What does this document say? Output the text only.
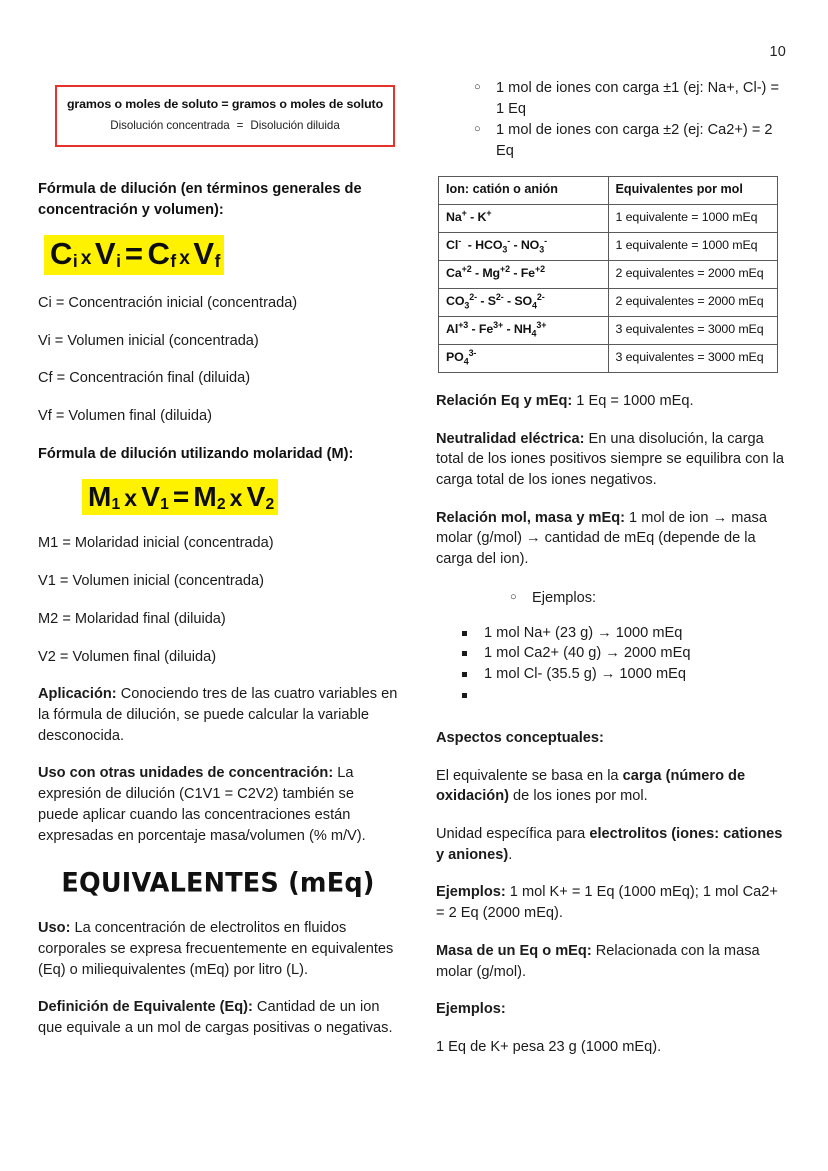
10
gramos o moles de soluto = gramos o moles de soluto
Disolución concentrada = Disolución diluida
Fórmula de dilución (en términos generales de concentración y volumen):
Ci xVi = Cf xVf

Ci = Concentración inicial (concentrada)

Vi = Volumen inicial (concentrada)

Cf = Concentración final (diluida)

Vf = Volumen final (diluida)

Fórmula de dilución utilizando molaridad (M):
M1 x V1 = M2 x V2

M1 = Molaridad inicial (concentrada)

V1 = Volumen inicial (concentrada)

M2 = Molaridad final (diluida)

V2 = Volumen final (diluida)

Aplicación: Conociendo tres de las cuatro variables en la fórmula de dilución, se puede calcular la variable desconocida.

Uso con otras unidades de concentración: La expresión de dilución (C1V1 = C2V2) también se puede aplicar cuando las concentraciones están expresadas en porcentaje masa/volumen (% m/V).

EQUIVALENTES (mEq)

Uso: La concentración de electrolitos en fluidos corporales se expresa frecuentemente en equivalentes (Eq) o miliequivalentes (mEq) por litro (L).

Definición de Equivalente (Eq): Cantidad de un ion que equivale a un mol de cargas positivas o negativas.

○ 1 mol de iones con carga ±1 (ej: Na+, Cl-) = 1 Eq
○ 1 mol de iones con carga ±2 (ej: Ca2+) = 2 Eq
Ion: catión o anión	Equivalentes por mol
Na+ - K+	1 equivalente = 1000 mEq
$Cl^- - HCO_3^- - NO_3^-$	1 equivalente = 1000 mEq
$Ca^{+2} - Mg^{+2} - Fe^{+2}$	2 equivalentes = 2000 mEq
$CO_3^{2-} - S^{2-} - SO_4^{2-}$	2 equivalentes = 2000 mEq
$Al^{+3} - Fe^{3+} - NH_4^{3+}$	3 equivalentes = 3000 mEq
$PO_4^{3-}$	3 equivalentes = 3000 mEq

Relación Eq y mEq: 1 Eq = 1000 mEq.

Neutralidad eléctrica: En una disolución, la carga total de los iones positivos siempre se equilibra con la carga total de los iones negativos.

Relación mol, masa y mEq: 1 mol de ion → masa molar (g/mol) → cantidad de mEq (depende de la carga del ion).

○ Ejemplos:
1 mol Na+ (23 g) → 1000 mEq
1 mol Ca2+ (40 g) → 2000 mEq
1 mol Cl- (35.5 g) → 1000 mEq

Aspectos conceptuales:

El equivalente se basa en la carga (número de oxidación) de los iones por mol.

Unidad específica para electrolitos (iones: cationes y aniones).

Ejemplos: 1 mol K+ = 1 Eq (1000 mEq); 1 mol Ca2+ = 2 Eq (2000 mEq).

Masa de un Eq o mEq: Relacionada con la masa molar (g/mol).

Ejemplos:

1 Eq de K+ pesa 23 g (1000 mEq).
